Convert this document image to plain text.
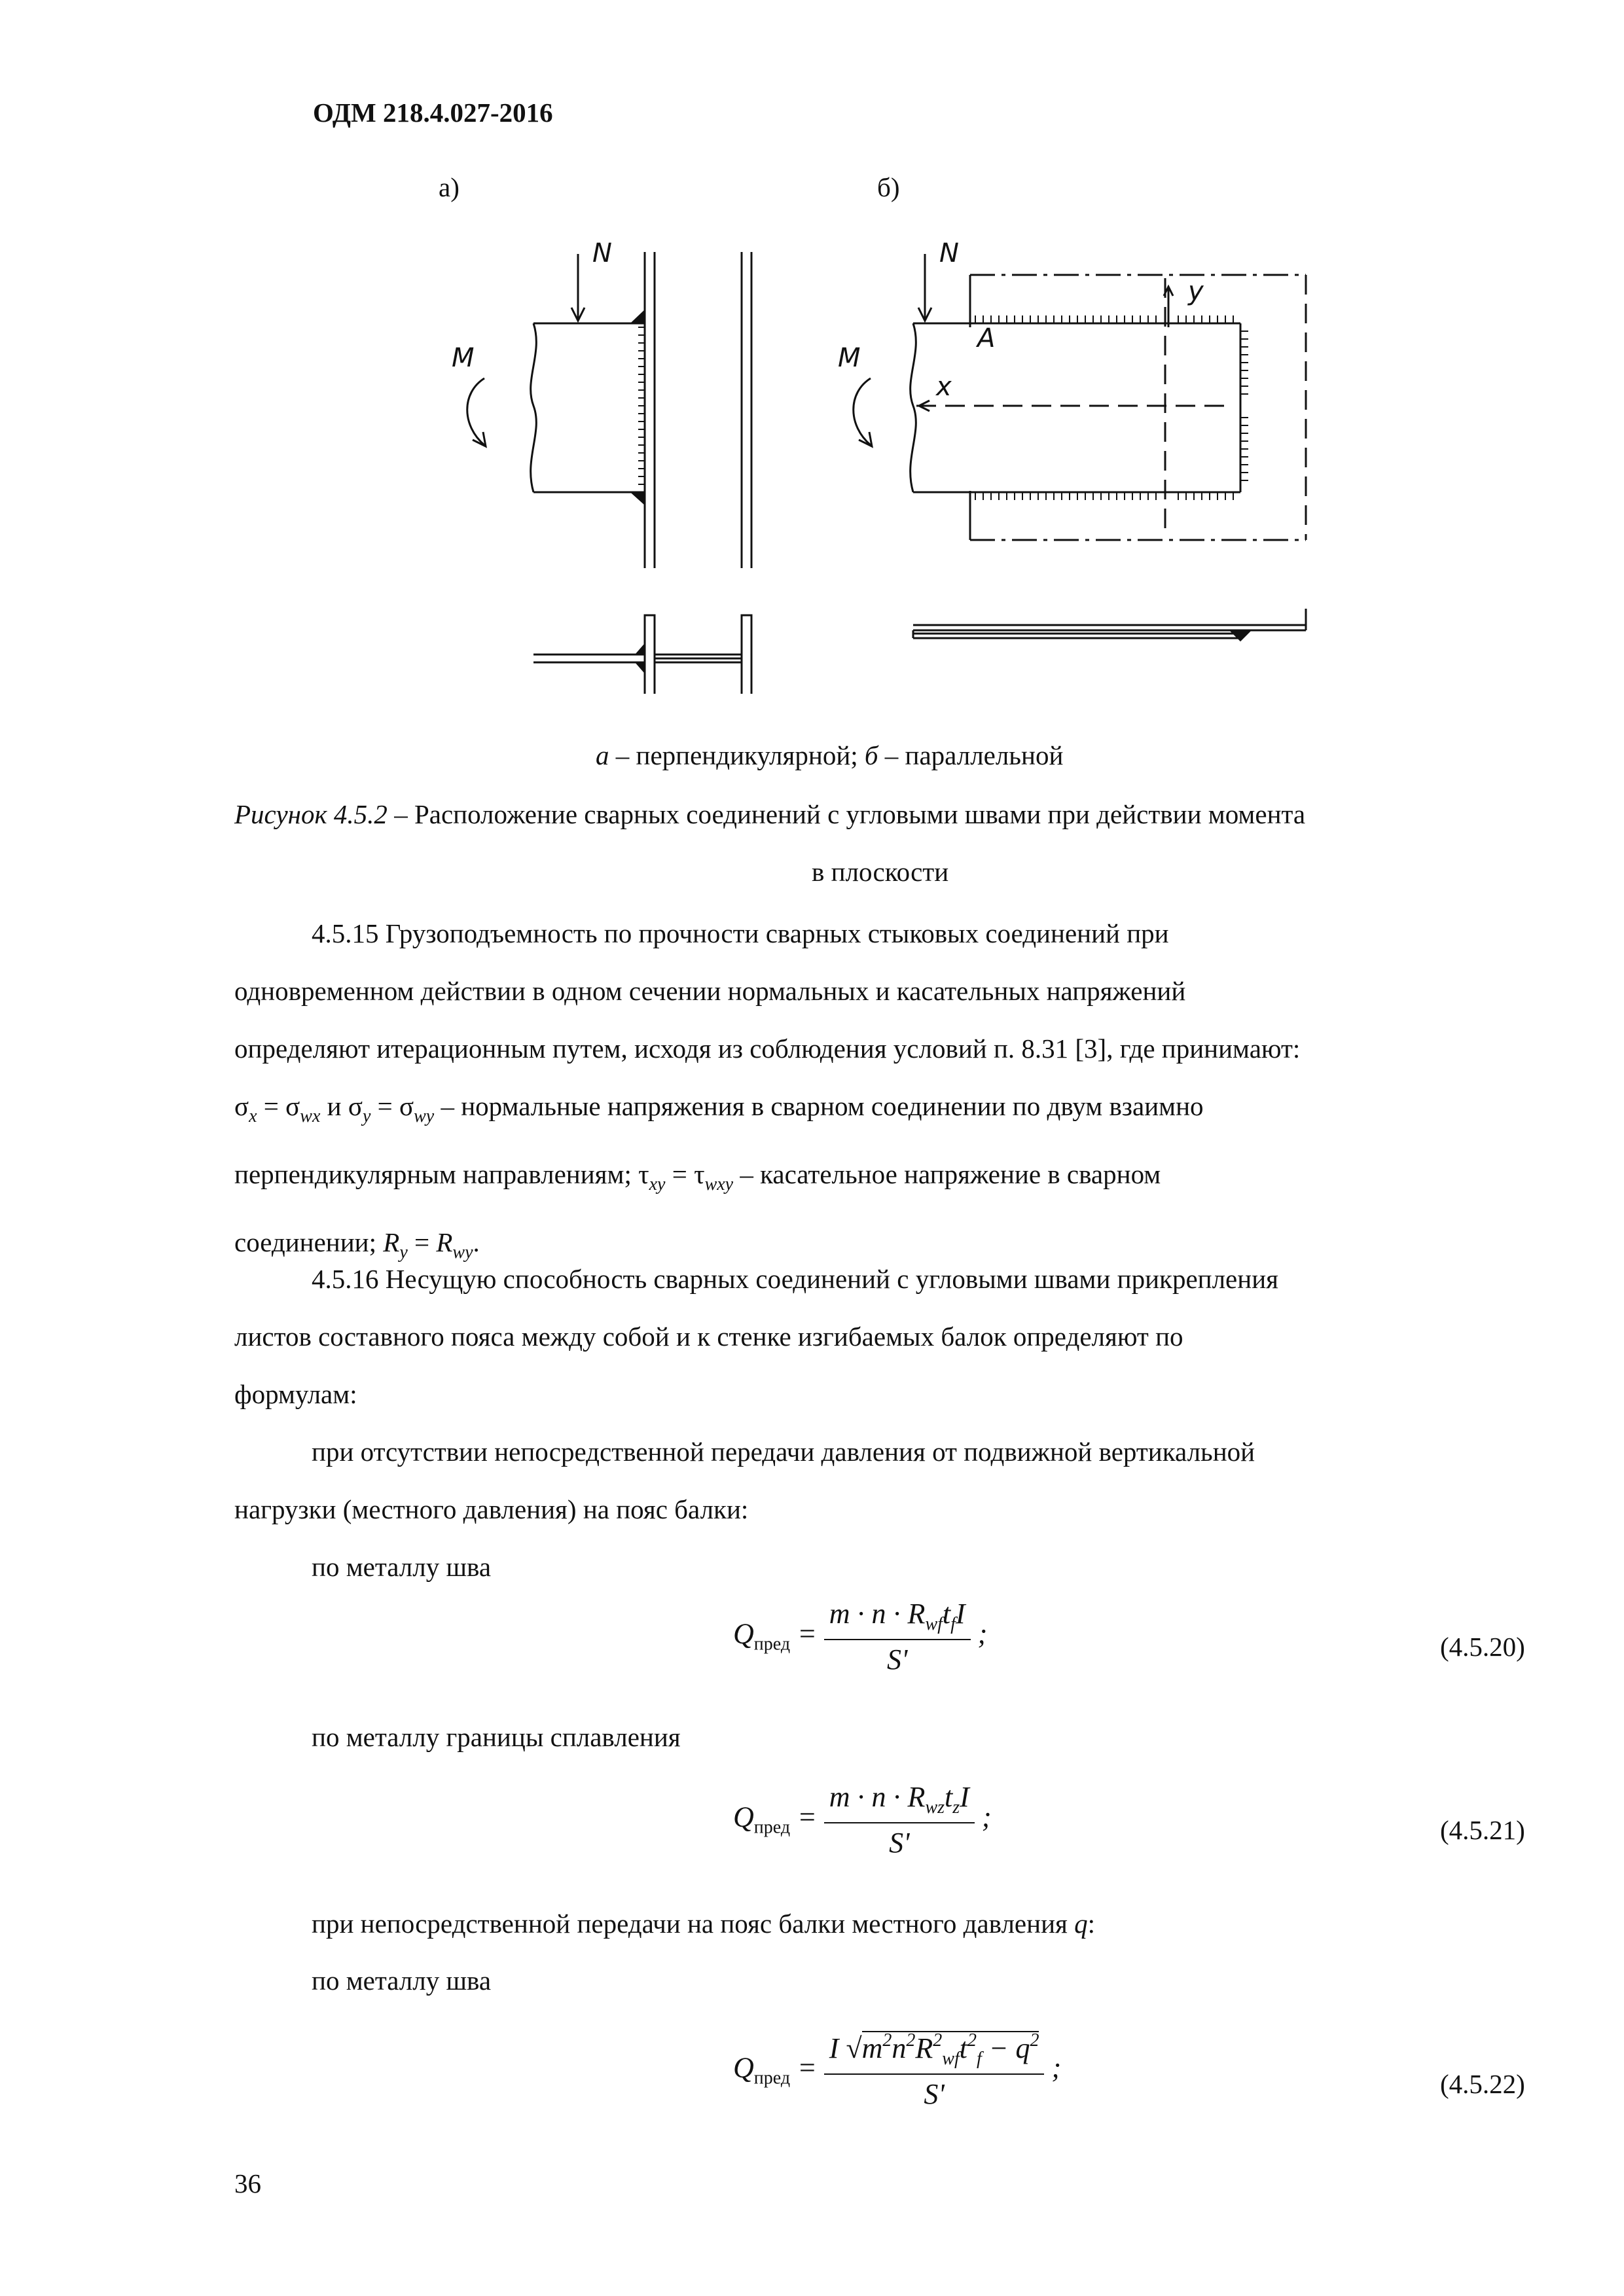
ОДМ 218.4.027-2016
а)	б)
N
M
N
M
y
A
x
а – перпендикулярной; б – параллельной
Рисунок 4.5.2 – Расположение сварных соединений с угловыми швами при действии момента
в плоскости

4.5.15 Грузоподъемность по прочности сварных стыковых соединений при

одновременном действии в одном сечении нормальных и касательных напряжений

определяют итерационным путем, исходя из соблюдения условий п. 8.31 [3], где принимают:

$\sigma_x = \sigma_{wx}$ и $\sigma_y = \sigma_{wy}$ – нормальные напряжения в сварном соединении по двум взаимно

перпендикулярным направлениям; $\tau_{xy} = \tau_{wxy}$ – касательное напряжение в сварном

соединении; $R_y = R_{wy}$.

4.5.16 Несущую способность сварных соединений с угловыми швами прикрепления

листов составного пояса между собой и к стенке изгибаемых балок определяют по

формулам:

при отсутствии непосредственной передачи давления от подвижной вертикальной

нагрузки (местного давления) на пояс балки:

по металлу шва

$Q_{пред} = \frac{m \cdot n \cdot R_{wf}t_fI}{S'}$ ;	(4.5.20)
по металлу границы сплавления
$Q_{пред} = \frac{m \cdot n \cdot R_{wz}t_zI}{S'}$ ;	(4.5.21)
при непосредственной передачи на пояс балки местного давления q:
по металлу шва
$Q_{пред} = \frac{I √m^2n^2R^2_{wf}t^2_f - q^2}{S'}$ ;
(4.5.22)
36
